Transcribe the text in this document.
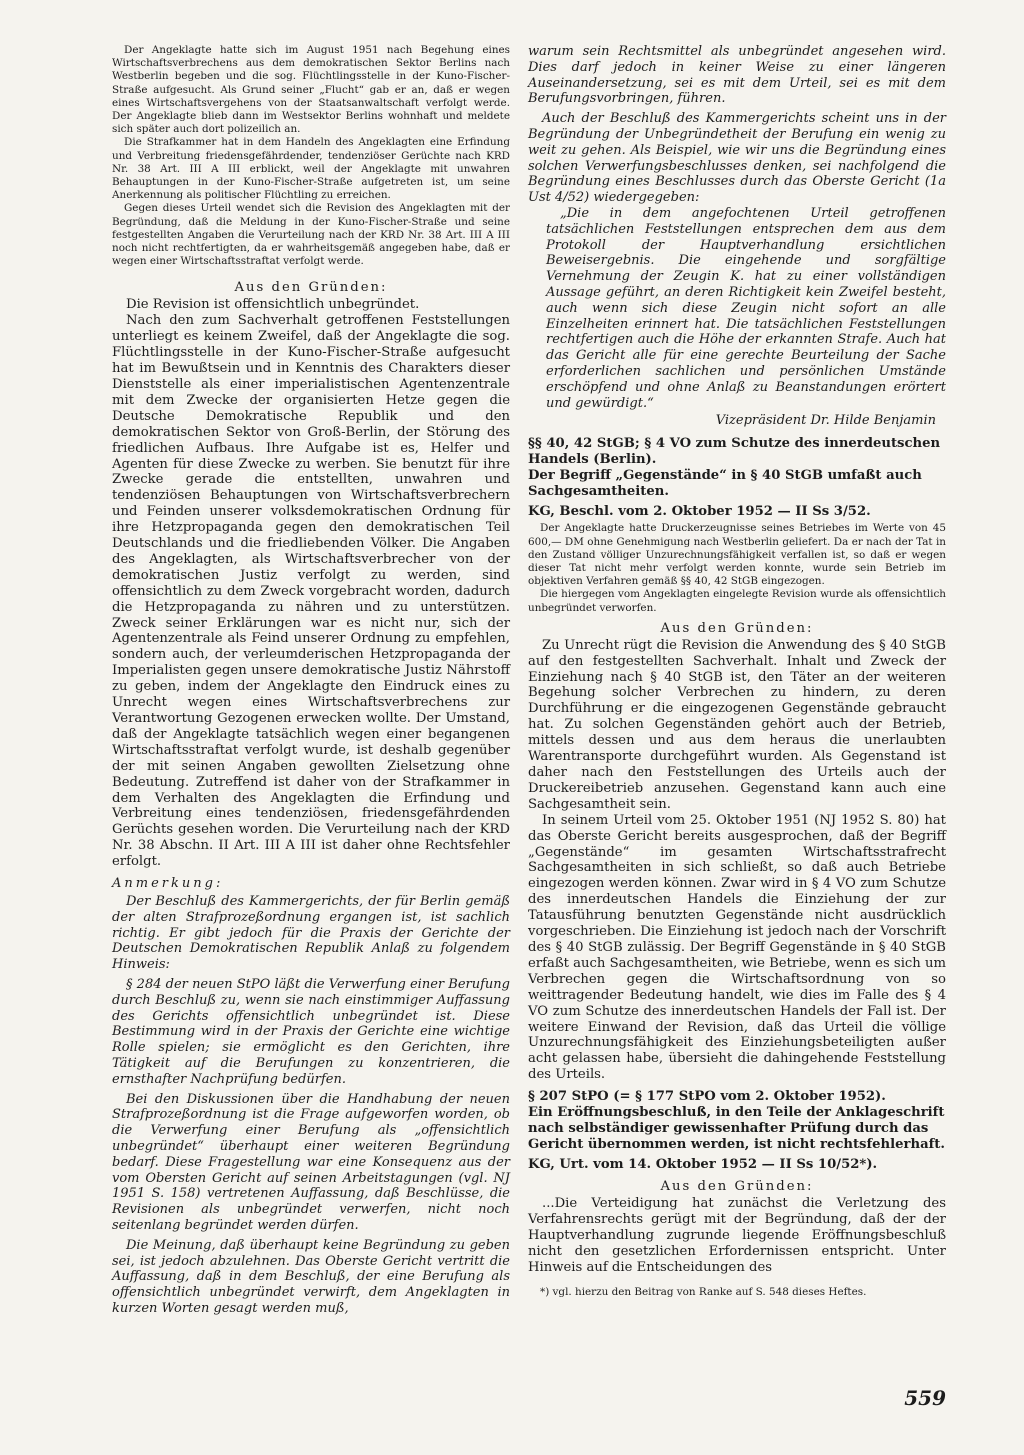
Der Angeklagte hatte sich im August 1951 nach Begehung eines Wirtschaftsverbrechens aus dem demokratischen Sektor Berlins nach Westberlin begeben und die sog. Flüchtlingsstelle in der Kuno-Fischer-Straße aufgesucht. Als Grund seiner „Flucht“ gab er an, daß er wegen eines Wirtschaftsvergehens von der Staatsanwaltschaft verfolgt werde. Der Angeklagte blieb dann im Westsektor Berlins wohnhaft und meldete sich später auch dort polizeilich an.

Die Strafkammer hat in dem Handeln des Angeklagten eine Erfindung und Verbreitung friedensgefährdender, tendenziöser Gerüchte nach KRD Nr. 38 Art. III A III erblickt, weil der Angeklagte mit unwahren Behauptungen in der Kuno-Fischer-Straße aufgetreten ist, um seine Anerkennung als politischer Flüchtling zu erreichen.

Gegen dieses Urteil wendet sich die Revision des Angeklagten mit der Begründung, daß die Meldung in der Kuno-Fischer-Straße und seine festgestellten Angaben die Verurteilung nach der KRD Nr. 38 Art. III A III noch nicht rechtfertigten, da er wahrheitsgemäß angegeben habe, daß er wegen einer Wirtschaftsstraftat verfolgt werde.

Aus den Gründen:

Die Revision ist offensichtlich unbegründet.

Nach den zum Sachverhalt getroffenen Feststellungen unterliegt es keinem Zweifel, daß der Angeklagte die sog. Flüchtlingsstelle in der Kuno-Fischer-Straße aufgesucht hat im Bewußtsein und in Kenntnis des Charakters dieser Dienststelle als einer imperialistischen Agentenzentrale mit dem Zwecke der organisierten Hetze gegen die Deutsche Demokratische Republik und den demokratischen Sektor von Groß-Berlin, der Störung des friedlichen Aufbaus. Ihre Aufgabe ist es, Helfer und Agenten für diese Zwecke zu werben. Sie benutzt für ihre Zwecke gerade die entstellten, unwahren und tendenziösen Behauptungen von Wirtschaftsverbrechern und Feinden unserer volksdemokratischen Ordnung für ihre Hetzpropaganda gegen den demokratischen Teil Deutschlands und die friedliebenden Völker. Die Angaben des Angeklagten, als Wirtschaftsverbrecher von der demokratischen Justiz verfolgt zu werden, sind offensichtlich zu dem Zweck vorgebracht worden, dadurch die Hetzpropaganda zu nähren und zu unterstützen. Zweck seiner Erklärungen war es nicht nur, sich der Agentenzentrale als Feind unserer Ordnung zu empfehlen, sondern auch, der verleumderischen Hetzpropaganda der Imperialisten gegen unsere demokratische Justiz Nährstoff zu geben, indem der Angeklagte den Eindruck eines zu Unrecht wegen eines Wirtschaftsverbrechens zur Verantwortung Gezogenen erwecken wollte. Der Umstand, daß der Angeklagte tatsächlich wegen einer begangenen Wirtschaftsstraftat verfolgt wurde, ist deshalb gegenüber der mit seinen Angaben gewollten Zielsetzung ohne Bedeutung. Zutreffend ist daher von der Strafkammer in dem Verhalten des Angeklagten die Erfindung und Verbreitung eines tendenziösen, friedensgefährdenden Gerüchts gesehen worden. Die Verurteilung nach der KRD Nr. 38 Abschn. II Art. III A III ist daher ohne Rechtsfehler erfolgt.

Anmerkung:

Der Beschluß des Kammergerichts, der für Berlin gemäß der alten Strafprozeßordnung ergangen ist, ist sachlich richtig. Er gibt jedoch für die Praxis der Gerichte der Deutschen Demokratischen Republik Anlaß zu folgendem Hinweis:

§ 284 der neuen StPO läßt die Verwerfung einer Berufung durch Beschluß zu, wenn sie nach einstimmiger Auffassung des Gerichts offensichtlich unbegründet ist. Diese Bestimmung wird in der Praxis der Gerichte eine wichtige Rolle spielen; sie ermöglicht es den Gerichten, ihre Tätigkeit auf die Berufungen zu konzentrieren, die ernsthafter Nachprüfung bedürfen.

Bei den Diskussionen über die Handhabung der neuen Strafprozeßordnung ist die Frage aufgeworfen worden, ob die Verwerfung einer Berufung als „offensichtlich unbegründet“ überhaupt einer weiteren Begründung bedarf. Diese Fragestellung war eine Konsequenz aus der vom Obersten Gericht auf seinen Arbeitstagungen (vgl. NJ 1951 S. 158) vertretenen Auffassung, daß Beschlüsse, die Revisionen als unbegründet verwerfen, nicht noch seitenlang begründet werden dürfen.

Die Meinung, daß überhaupt keine Begründung zu geben sei, ist jedoch abzulehnen. Das Oberste Gericht vertritt die Auffassung, daß in dem Beschluß, der eine Berufung als offensichtlich unbegründet verwirft, dem Angeklagten in kurzen Worten gesagt werden muß,

warum sein Rechtsmittel als unbegründet angesehen wird. Dies darf jedoch in keiner Weise zu einer längeren Auseinandersetzung, sei es mit dem Urteil, sei es mit dem Berufungsvorbringen, führen.

Auch der Beschluß des Kammergerichts scheint uns in der Begründung der Unbegründetheit der Berufung ein wenig zu weit zu gehen. Als Beispiel, wie wir uns die Begründung eines solchen Verwerfungsbeschlusses denken, sei nachfolgend die Begründung eines Beschlusses durch das Oberste Gericht (1a Ust 4/52) wiedergegeben:

„Die in dem angefochtenen Urteil getroffenen tatsächlichen Feststellungen entsprechen dem aus dem Protokoll der Hauptverhandlung ersichtlichen Beweisergebnis. Die eingehende und sorgfältige Vernehmung der Zeugin K. hat zu einer vollständigen Aussage geführt, an deren Richtigkeit kein Zweifel besteht, auch wenn sich diese Zeugin nicht sofort an alle Einzelheiten erinnert hat. Die tatsächlichen Feststellungen rechtfertigen auch die Höhe der erkannten Strafe. Auch hat das Gericht alle für eine gerechte Beurteilung der Sache erforderlichen sachlichen und persönlichen Umstände erschöpfend und ohne Anlaß zu Beanstandungen erörtert und gewürdigt.“

Vizepräsident Dr. Hilde Benjamin

§§ 40, 42 StGB; § 4 VO zum Schutze des innerdeutschen Handels (Berlin).

Der Begriff „Gegenstände“ in § 40 StGB umfaßt auch Sachgesamtheiten.

KG, Beschl. vom 2. Oktober 1952 — II Ss 3/52.

Der Angeklagte hatte Druckerzeugnisse seines Betriebes im Werte von 45 600,— DM ohne Genehmigung nach Westberlin geliefert. Da er nach der Tat in den Zustand völliger Unzurechnungsfähigkeit verfallen ist, so daß er wegen dieser Tat nicht mehr verfolgt werden konnte, wurde sein Betrieb im objektiven Verfahren gemäß §§ 40, 42 StGB eingezogen.

Die hiergegen vom Angeklagten eingelegte Revision wurde als offensichtlich unbegründet verworfen.

Aus den Gründen:

Zu Unrecht rügt die Revision die Anwendung des § 40 StGB auf den festgestellten Sachverhalt. Inhalt und Zweck der Einziehung nach § 40 StGB ist, den Täter an der weiteren Begehung solcher Verbrechen zu hindern, zu deren Durchführung er die eingezogenen Gegenstände gebraucht hat. Zu solchen Gegenständen gehört auch der Betrieb, mittels dessen und aus dem heraus die unerlaubten Warentransporte durchgeführt wurden. Als Gegenstand ist daher nach den Feststellungen des Urteils auch der Druckereibetrieb anzusehen. Gegenstand kann auch eine Sachgesamtheit sein.

In seinem Urteil vom 25. Oktober 1951 (NJ 1952 S. 80) hat das Oberste Gericht bereits ausgesprochen, daß der Begriff „Gegenstände“ im gesamten Wirtschaftsstrafrecht Sachgesamtheiten in sich schließt, so daß auch Betriebe eingezogen werden können. Zwar wird in § 4 VO zum Schutze des innerdeutschen Handels die Einziehung der zur Tatausführung benutzten Gegenstände nicht ausdrücklich vorgeschrieben. Die Einziehung ist jedoch nach der Vorschrift des § 40 StGB zulässig. Der Begriff Gegenstände in § 40 StGB erfaßt auch Sachgesamtheiten, wie Betriebe, wenn es sich um Verbrechen gegen die Wirtschaftsordnung von so weittragender Bedeutung handelt, wie dies im Falle des § 4 VO zum Schutze des innerdeutschen Handels der Fall ist. Der weitere Einwand der Revision, daß das Urteil die völlige Unzurechnungsfähigkeit des Einziehungsbeteiligten außer acht gelassen habe, übersieht die dahingehende Feststellung des Urteils.

§ 207 StPO (= § 177 StPO vom 2. Oktober 1952).

Ein Eröffnungsbeschluß, in den Teile der Anklageschrift nach selbständiger gewissenhafter Prüfung durch das Gericht übernommen werden, ist nicht rechtsfehlerhaft.

KG, Urt. vom 14. Oktober 1952 — II Ss 10/52*).

Aus den Gründen:

...Die Verteidigung hat zunächst die Verletzung des Verfahrensrechts gerügt mit der Begründung, daß der der Hauptverhandlung zugrunde liegende Eröffnungsbeschluß nicht den gesetzlichen Erfordernissen entspricht. Unter Hinweis auf die Entscheidungen des

*) vgl. hierzu den Beitrag von Ranke auf S. 548 dieses Heftes.

559
